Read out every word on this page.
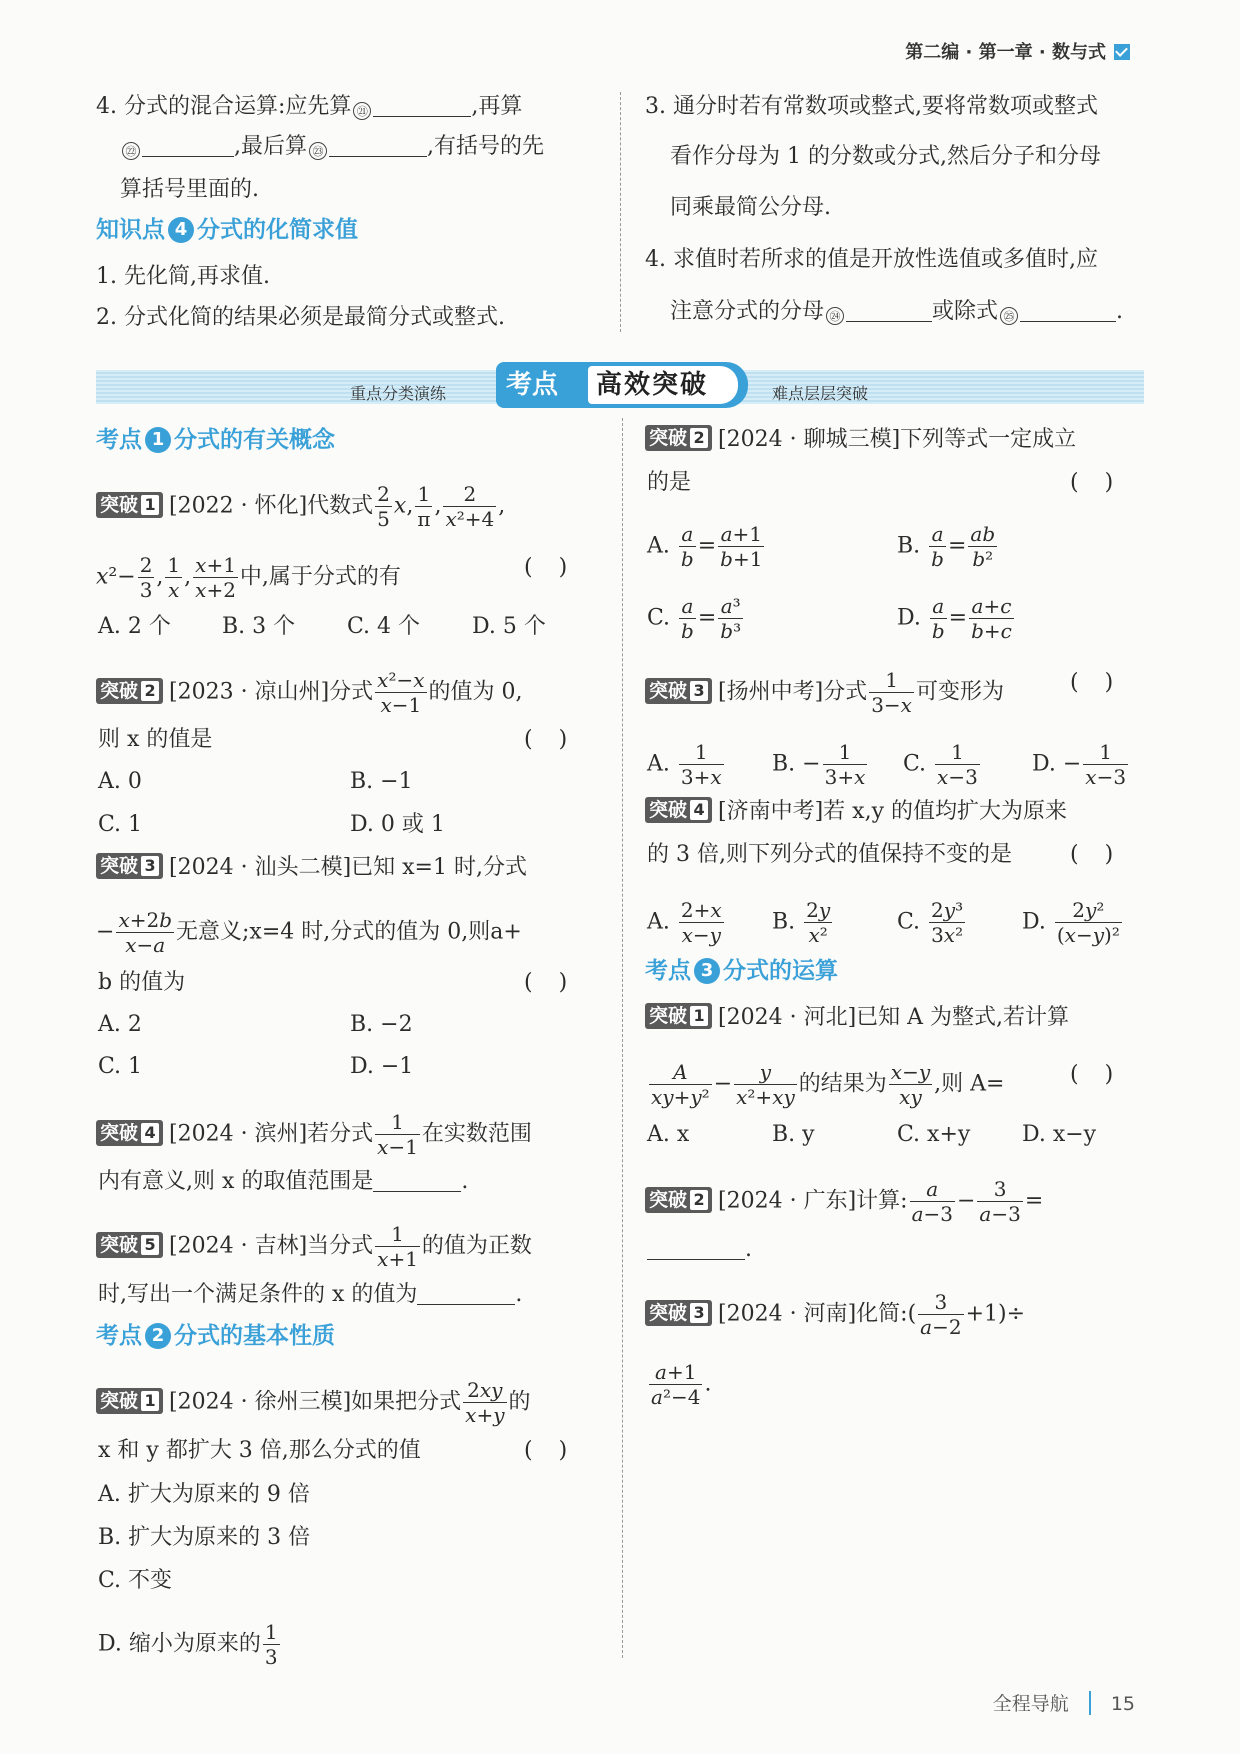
第二编 · 第一章 · 数与式
4. 分式的混合运算:应先算 ㉑	,再算
㉒	,最后算 ㉓	,有括号的先
算括号里面的.
知识点 4 分式的化简求值
1. 先化简,再求值.
2. 分式化简的结果必须是最简分式或整式.
3. 通分时若有常数项或整式,要将常数项或整式
看作分母为 1 的分数或分式,然后分子和分母
同乘最简公分母.
4. 求值时若所求的值是开放性选值或多值时,应
注意分式的分母 ㉔	或除式 ㉕	.
重点分类演练	难点层层突破
考点 高效突破
考点 1 分式的有关概念
突破 1 [2022 · 怀化]代数式 $\frac{2}{5} x$, $\frac{1}{\pi}$ , $\frac{2}{\text{x²+4}}$ ,
$x^2- \frac{2}{3}$ , $\frac{1}{x}$ , $\frac{x+1}{x+2}$ 中,属于分式的有	()
A. 2 个 B. 3 个 C. 4 个 D. 5 个
突破 2 [2023 · 凉山州]分式 $\frac{\text{x²−x}}{x-1}$ 的值为 0,
则 x 的值是	()
A. 0	B. −1
C. 1	D. 0 或 1
突破 3 [2024 · 汕头二模]已知 x=1 时,分式
− $\frac{x+2b}{x-a}$ 无意义;x=4 时,分式的值为 0,则a+
b 的值为	()
A. 2	B. −2
C. 1	D. −1
突破 4 [2024 · 滨州]若分式 $\frac{1}{x-1}$ 在实数范围
内有意义,则 x 的取值范围是	.
突破 5 [2024 · 吉林]当分式 $\frac{1}{x+1}$ 的值为正数
时,写出一个满足条件的 x 的值为	.
考点 2 分式的基本性质
突破 1 [2024 · 徐州三模]如果把分式 $\frac{2xy}{x+y}$ 的
x 和 y 都扩大 3 倍,那么分式的值	()
A. 扩大为原来的 9 倍
B. 扩大为原来的 3 倍
C. 不变
D. 缩小为原来的 $\frac{1}{3}$
突破 2 [2024 · 聊城三模]下列等式一定成立
的是	()
A. $\frac{a}{b} = \frac{a+1}{b+1}$	B. $\frac{a}{b} = \frac{ab}{\text{b²}}$
C. $\frac{a}{b} = \frac{\text{a³}}{\text{b³}}$	D. $\frac{a}{b} = \frac{a+c}{b+c}$
突破 3 [扬州中考]分式 $\frac{1}{3-x}$ 可变形为	()
A. $\frac{1}{3+x} B$. − $\frac{1}{3+x} C$. $\frac{1}{x-3} D$. − $\frac{1}{x-3}$
突破 4 [济南中考]若 x,y 的值均扩大为原来
的 3 倍,则下列分式的值保持不变的是	()
A. $\frac{2+x}{x-y} B$. $\frac{2y}{\text{x²}}$	C. $\frac{\text{2y³}}{\text{3x²}}$	D. $\frac{\text{2y²}}{\text{(x−y)²}}$
考点 3 分式的运算
突破 1 [2024 · 河北]已知 A 为整式,若计算
$\frac{A}{\text{xy+y²}} - \frac{y}{\text{x²+xy}}$ 的结果为 $\frac{x-y}{xy}$ ,则 A=	()
A. x	B. y	C. x+y D. x−y
突破 2 [2024 · 广东]计算: $\frac{a}{a-3} - \frac{3}{a-3}$ =
.
突破 3 [2024 · 河南]化简:( $\frac{3}{a-2} +1)\div$
$\frac{a+1}{\text{a²−4}}$ .
全程导航 15
